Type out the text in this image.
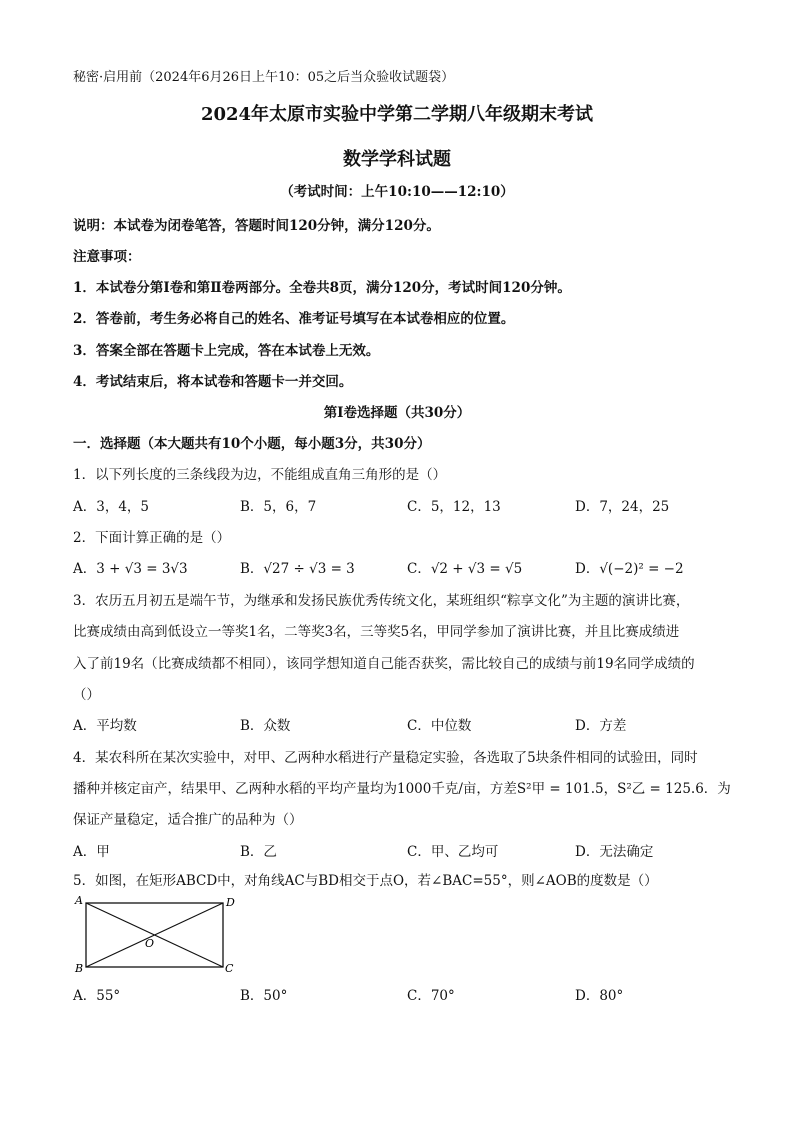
秘密·启用前（2024年6月26日上午10：05之后当众验收试题袋）
2024年太原市实验中学第二学期八年级期末考试
数学学科试题
（考试时间：上午10:10——12:10）
说明：本试卷为闭卷笔答，答题时间120分钟，满分120分。
注意事项：
1．本试卷分第Ⅰ卷和第Ⅱ卷两部分。全卷共8页，满分120分，考试时间120分钟。
2．答卷前，考生务必将自己的姓名、准考证号填写在本试卷相应的位置。
3．答案全部在答题卡上完成，答在本试卷上无效。
4．考试结束后，将本试卷和答题卡一并交回。
第Ⅰ卷选择题（共30分）
一．选择题（本大题共有10个小题，每小题3分，共30分）
1．以下列长度的三条线段为边，不能组成直角三角形的是（）
A．3，4，5	B．5，6，7	C．5，12，13	D．7，24，25
2．下面计算正确的是（）
A．3 + √3 = 3√3	B．√27 ÷ √3 = 3	C．√2 + √3 = √5	D．√(−2)² = −2
3．农历五月初五是端午节，为继承和发扬民族优秀传统文化，某班组织“粽享文化”为主题的演讲比赛，
比赛成绩由高到低设立一等奖1名，二等奖3名，三等奖5名，甲同学参加了演讲比赛，并且比赛成绩进
入了前19名（比赛成绩都不相同），该同学想知道自己能否获奖，需比较自己的成绩与前19名同学成绩的
（）
A．平均数	B．众数	C．中位数	D．方差
4．某农科所在某次实验中，对甲、乙两种水稻进行产量稳定实验，各选取了5块条件相同的试验田，同时
播种并核定亩产，结果甲、乙两种水稻的平均产量均为1000千克/亩，方差S²甲 = 101.5，S²乙 = 125.6．为
保证产量稳定，适合推广的品种为（）
A．甲	B．乙	C．甲、乙均可	D．无法确定
5．如图，在矩形ABCD中，对角线AC与BD相交于点O，若∠BAC=55°，则∠AOB的度数是（）
A	D
O
B	C
A．55°	B．50°	C．70°	D．80°
